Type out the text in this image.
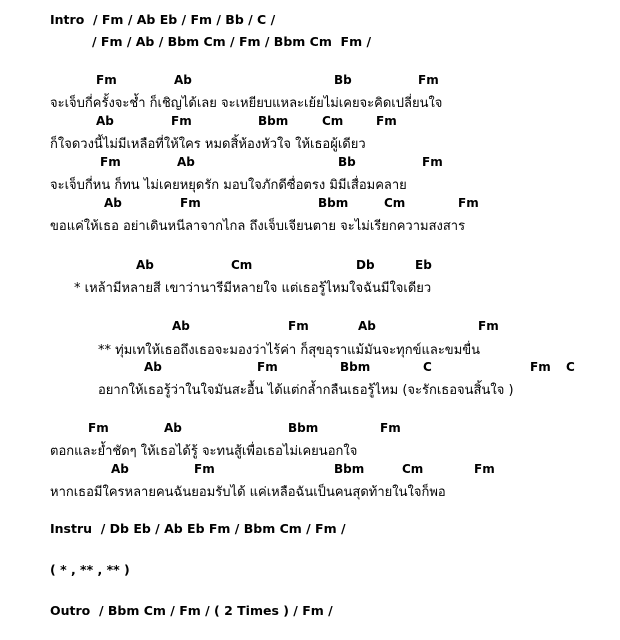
Intro  / Fm / Ab Eb / Fm / Bb / C /
/ Fm / Ab / Bbm Cm / Fm / Bbm Cm  Fm /
Fm	Ab	Bb	Fm
จะเจ็บกี่ครั้งจะช้ำ ก็เชิญได้เลย จะเหยียบแหละเย้ยไม่เคยจะคิดเปลี่ยนใจ
Ab	Fm	Bbm	Cm	Fm
ก็ใจดวงนี้ไม่มีเหลือที่ให้ใคร หมดสิ้ห้องหัวใจ ให้เธอผู้เดียว
Fm	Ab	Bb	Fm
จะเจ็บกี่หน ก็ทน ไม่เคยหยุดรัก มอบใจภักดีซื่อตรง มิมีเสื่อมคลาย
Ab	Fm	Bbm	Cm	Fm
ขอแค่ให้เธอ อย่าเดินหนีลาจากไกล ถึงเจ็บเจียนตาย จะไม่เรียกความสงสาร
Ab	Cm	Db	Eb
* เหล้ามีหลายสี เขาว่านารีมีหลายใจ แต่เธอรู้ไหมใจฉันมีใจเดียว
Ab	Fm	Ab	Fm
** ทุ่มเทให้เธอถึงเธอจะมองว่าไร้ค่า ก็สุขอุราแม้มันจะทุกข์และขมขื่น
Ab	Fm	Bbm	C	Fm C
อยากให้เธอรู้ว่าในใจมันสะอื้น ได้แต่กล้ำกลืนเธอรู้ไหม (จะรักเธอจนสิ้นใจ )
Fm	Ab	Bbm	Fm
ตอกและย้ำชัดๆ ให้เธอได้รู้ จะทนสู้เพื่อเธอไม่เคยนอกใจ
Ab	Fm	Bbm	Cm	Fm
หากเธอมีใครหลายคนฉันยอมรับได้ แค่เหลือฉันเป็นคนสุดท้ายในใจก็พอ
Instru  / Db Eb / Ab Eb Fm / Bbm Cm / Fm /
( * , ** , ** )
Outro  / Bbm Cm / Fm / ( 2 Times ) / Fm /
